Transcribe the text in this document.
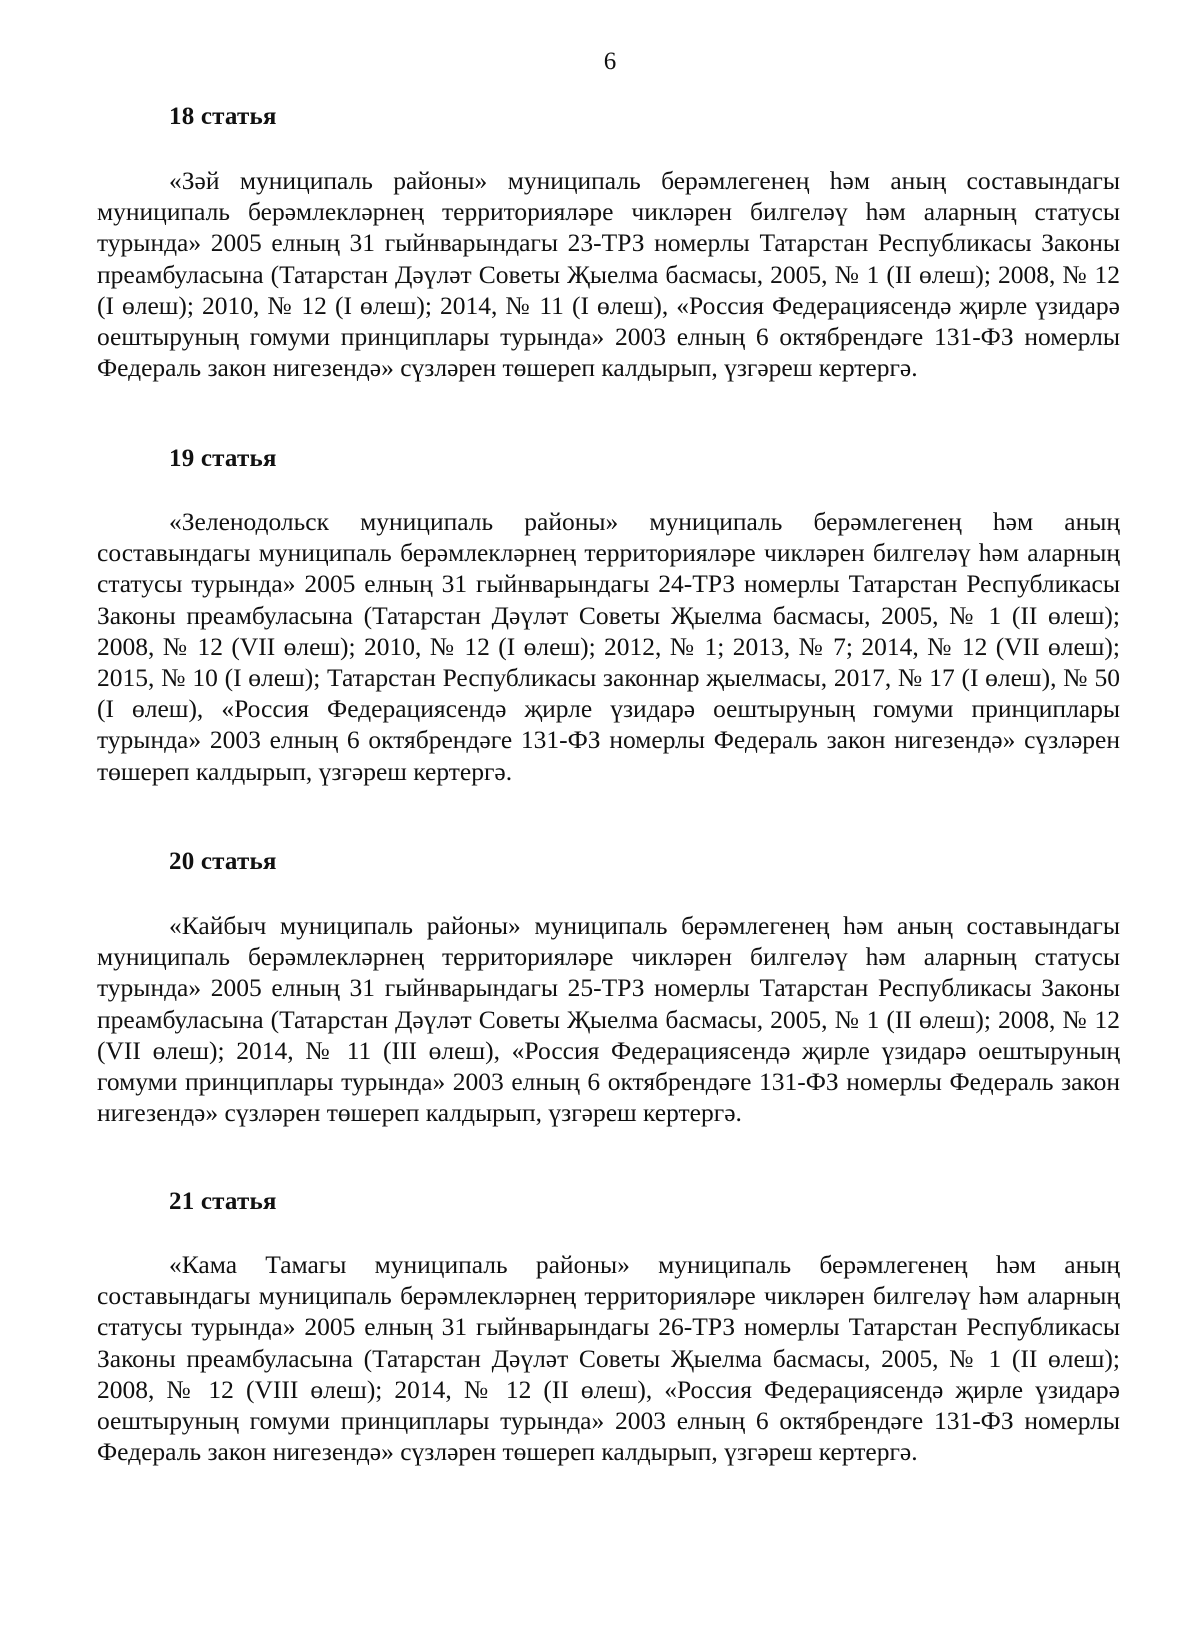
6
18 статья

«Зәй муниципаль районы» муниципаль берәмлегенең һәм аның составындагы муниципаль берәмлекләрнең территорияләре чикләрен билгеләү һәм аларның статусы турында» 2005 елның 31 гыйнварындагы 23-ТРЗ номерлы Татарстан Республикасы Законы преамбуласына (Татарстан Дәүләт Советы Җыелма басмасы, 2005, № 1 (II өлеш); 2008, № 12 (I өлеш); 2010, № 12 (I өлеш); 2014, № 11 (I өлеш), «Россия Федерациясендә җирле үзидарә оештыруның гомуми принциплары турында» 2003 елның 6 октябрендәге 131-ФЗ номерлы Федераль закон нигезендә» сүзләрен төшереп калдырып, үзгәреш кертергә.

19 статья

«Зеленодольск муниципаль районы» муниципаль берәмлегенең һәм аның составындагы муниципаль берәмлекләрнең территорияләре чикләрен билгеләү һәм аларның статусы турында» 2005 елның 31 гыйнварындагы 24-ТРЗ номерлы Татарстан Республикасы Законы преамбуласына (Татарстан Дәүләт Советы Җыелма басмасы, 2005, № 1 (II өлеш); 2008, № 12 (VII өлеш); 2010, № 12 (I өлеш); 2012, № 1; 2013, № 7; 2014, № 12 (VII өлеш); 2015, № 10 (I өлеш); Татарстан Республикасы законнар җыелмасы, 2017, № 17 (I өлеш), № 50 (I өлеш), «Россия Федерациясендә җирле үзидарә оештыруның гомуми принциплары турында» 2003 елның 6 октябрендәге 131-ФЗ номерлы Федераль закон нигезендә» сүзләрен төшереп калдырып, үзгәреш кертергә.

20 статья

«Кайбыч муниципаль районы» муниципаль берәмлегенең һәм аның составындагы муниципаль берәмлекләрнең территорияләре чикләрен билгеләү һәм аларның статусы турында» 2005 елның 31 гыйнварындагы 25-ТРЗ номерлы Татарстан Республикасы Законы преамбуласына (Татарстан Дәүләт Советы Җыелма басмасы, 2005, № 1 (II өлеш); 2008, № 12 (VII өлеш); 2014, № 11 (III өлеш), «Россия Федерациясендә җирле үзидарә оештыруның гомуми принциплары турында» 2003 елның 6 октябрендәге 131-ФЗ номерлы Федераль закон нигезендә» сүзләрен төшереп калдырып, үзгәреш кертергә.

21 статья

«Кама Тамагы муниципаль районы» муниципаль берәмлегенең һәм аның составындагы муниципаль берәмлекләрнең территорияләре чикләрен билгеләү һәм аларның статусы турында» 2005 елның 31 гыйнварындагы 26-ТРЗ номерлы Татарстан Республикасы Законы преамбуласына (Татарстан Дәүләт Советы Җыелма басмасы, 2005, № 1 (II өлеш); 2008, № 12 (VIII өлеш); 2014, № 12 (II өлеш), «Россия Федерациясендә җирле үзидарә оештыруның гомуми принциплары турында» 2003 елның 6 октябрендәге 131-ФЗ номерлы Федераль закон нигезендә» сүзләрен төшереп калдырып, үзгәреш кертергә.
